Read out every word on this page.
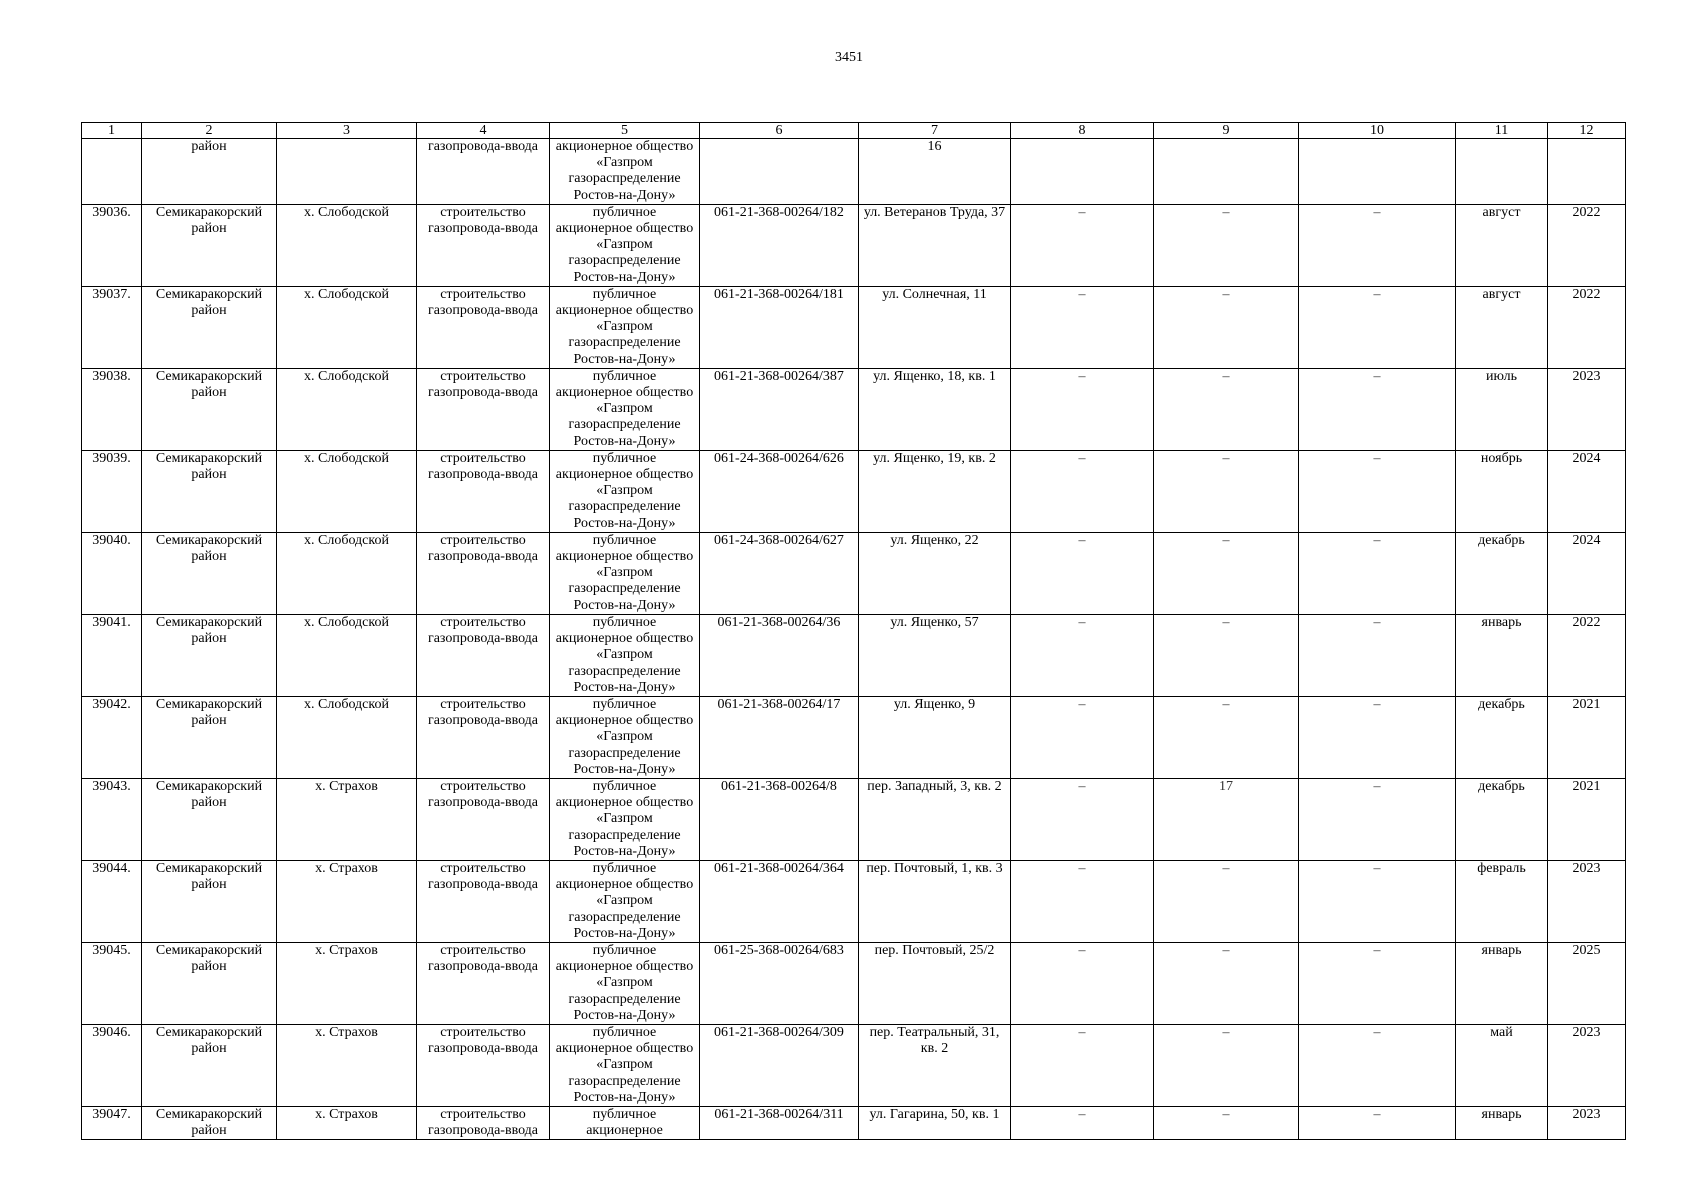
3451
1	2	3	4	5	6	7	8	9	10	11	12
	район		газопровода-ввода	акционерное общество «Газпром газораспределение Ростов-на-Дону»		16					
39036.	Семикаракорский район	х. Слободской	строительство газопровода-ввода	публичное акционерное общество «Газпром газораспределение Ростов-на-Дону»	061-21-368-00264/182	ул. Ветеранов Труда, 37	–	–	–	август	2022
39037.	Семикаракорский район	х. Слободской	строительство газопровода-ввода	публичное акционерное общество «Газпром газораспределение Ростов-на-Дону»	061-21-368-00264/181	ул. Солнечная, 11	–	–	–	август	2022
39038.	Семикаракорский район	х. Слободской	строительство газопровода-ввода	публичное акционерное общество «Газпром газораспределение Ростов-на-Дону»	061-21-368-00264/387	ул. Ященко, 18, кв. 1	–	–	–	июль	2023
39039.	Семикаракорский район	х. Слободской	строительство газопровода-ввода	публичное акционерное общество «Газпром газораспределение Ростов-на-Дону»	061-24-368-00264/626	ул. Ященко, 19, кв. 2	–	–	–	ноябрь	2024
39040.	Семикаракорский район	х. Слободской	строительство газопровода-ввода	публичное акционерное общество «Газпром газораспределение Ростов-на-Дону»	061-24-368-00264/627	ул. Ященко, 22	–	–	–	декабрь	2024
39041.	Семикаракорский район	х. Слободской	строительство газопровода-ввода	публичное акционерное общество «Газпром газораспределение Ростов-на-Дону»	061-21-368-00264/36	ул. Ященко, 57	–	–	–	январь	2022
39042.	Семикаракорский район	х. Слободской	строительство газопровода-ввода	публичное акционерное общество «Газпром газораспределение Ростов-на-Дону»	061-21-368-00264/17	ул. Ященко, 9	–	–	–	декабрь	2021
39043.	Семикаракорский район	х. Страхов	строительство газопровода-ввода	публичное акционерное общество «Газпром газораспределение Ростов-на-Дону»	061-21-368-00264/8	пер. Западный, 3, кв. 2	–	17	–	декабрь	2021
39044.	Семикаракорский район	х. Страхов	строительство газопровода-ввода	публичное акционерное общество «Газпром газораспределение Ростов-на-Дону»	061-21-368-00264/364	пер. Почтовый, 1, кв. 3	–	–	–	февраль	2023
39045.	Семикаракорский район	х. Страхов	строительство газопровода-ввода	публичное акционерное общество «Газпром газораспределение Ростов-на-Дону»	061-25-368-00264/683	пер. Почтовый, 25/2	–	–	–	январь	2025
39046.	Семикаракорский район	х. Страхов	строительство газопровода-ввода	публичное акционерное общество «Газпром газораспределение Ростов-на-Дону»	061-21-368-00264/309	пер. Театральный, 31, кв. 2	–	–	–	май	2023
39047.	Семикаракорский район	х. Страхов	строительство газопровода-ввода	публичное акционерное	061-21-368-00264/311	ул. Гагарина, 50, кв. 1	–	–	–	январь	2023
